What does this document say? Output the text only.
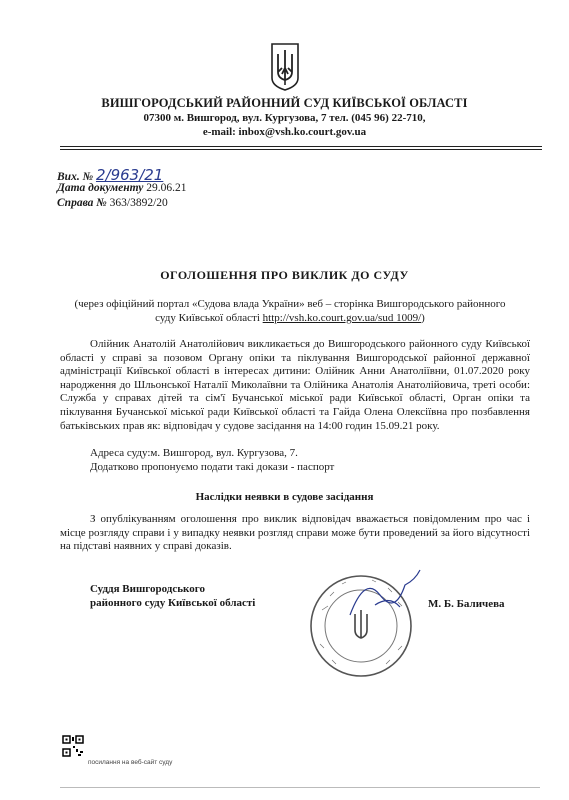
ВИШГОРОДСЬКИЙ РАЙОННИЙ СУД КИЇВСЬКОЇ ОБЛАСТІ
07300 м. Вишгород, вул. Кургузова, 7 тел. (045 96) 22-710,
e-mail: inbox@vsh.ko.court.gov.ua
Вих. № 2/963/21
Дата документу 29.06.21
Справа № 363/3892/20
ОГОЛОШЕННЯ ПРО ВИКЛИК ДО СУДУ
(через офіційний портал «Судова влада України» веб – сторінка Вишгородського районного суду Київської області http://vsh.ko.court.gov.ua/sud 1009/)
Олійник Анатолій Анатолійович викликається до Вишгородського районного суду Київської області у справі за позовом Органу опіки та піклування Вишгородської районної державної адміністрації Київської області в інтересах дитини: Олійник Анни Анатоліївни, 01.07.2020 року народження до Шльонської Наталії Миколаївни та Олійника Анатолія Анатолійовича, треті особи: Служба у справах дітей та сім'ї Бучанської міської ради Київської області, Орган опіки та піклування Бучанської міської ради Київської області та Гайда Олена Олексіївна про позбавлення батьківських прав як: відповідач у судове засідання на 14:00 годин 15.09.21 року.
Адреса суду:м. Вишгород, вул. Кургузова, 7.
Додатково пропонуємо подати такі докази - паспорт
Наслідки неявки в судове засідання
З опублікуванням оголошення про виклик відповідач вважається повідомленим про час і місце розгляду справи і у випадку неявки розгляд справи може бути проведений за його відсутності на підставі наявних у справі доказів.
Суддя Вишгородського
районного суду Київської області	М. Б. Баличева
посилання на веб-сайт суду
